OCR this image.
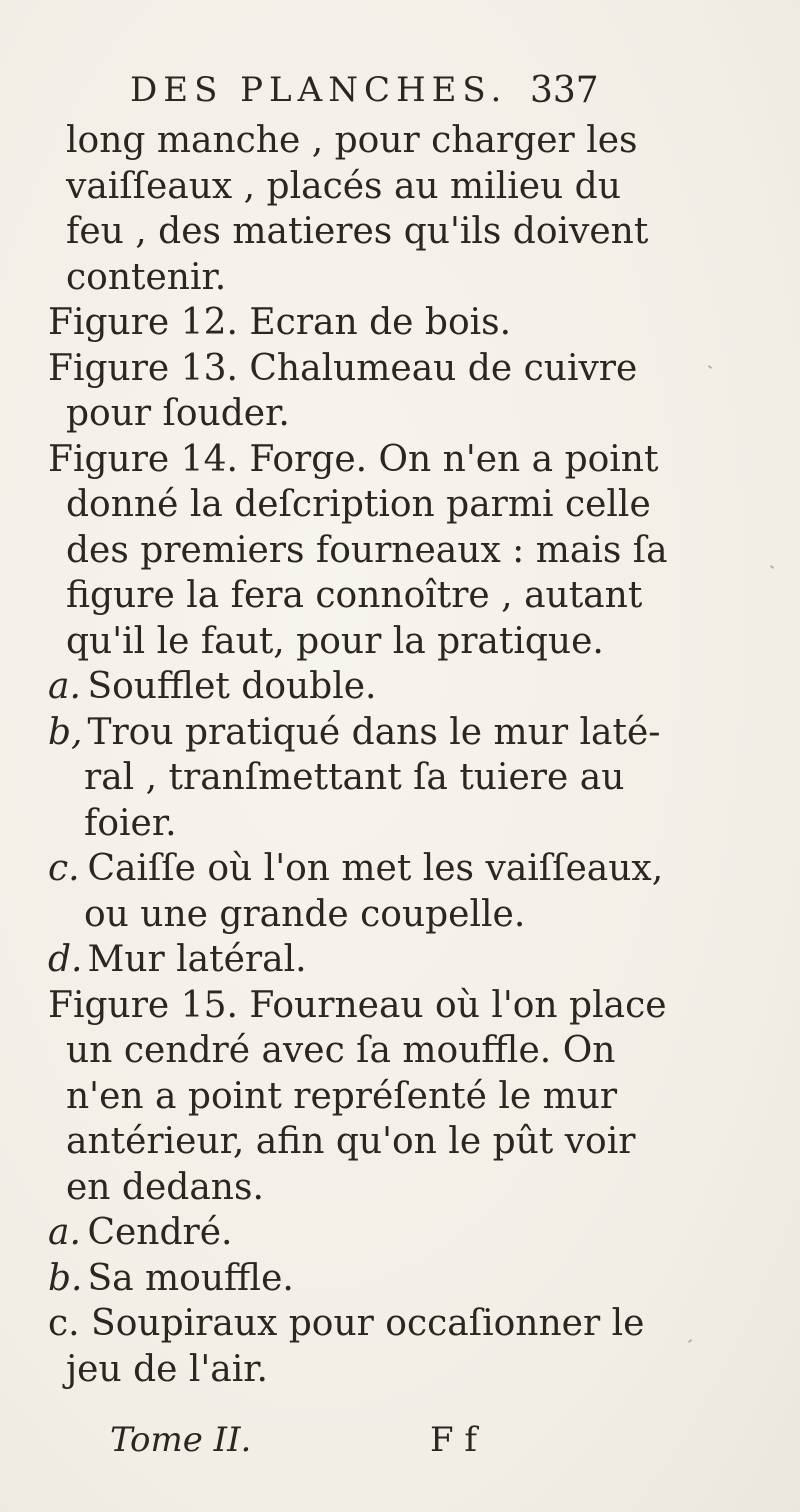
DES PLANCHES. 337
long manche , pour charger les
vaiſſeaux , placés au milieu du
feu , des matieres qu'ils doivent
contenir.
Figure 12. Ecran de bois.
Figure 13. Chalumeau de cuivre
pour ſouder.
Figure 14. Forge. On n'en a point
donné la deſcription parmi celle
des premiers fourneaux : mais ſa
figure la fera connoître , autant
qu'il le faut, pour la pratique.
a. Soufflet double.
b, Trou pratiqué dans le mur laté-
ral , tranſmettant ſa tuiere au
foier.
c. Caiſſe où l'on met les vaiſſeaux,
ou une grande coupelle.
d. Mur latéral.
Figure 15. Fourneau où l'on place
un cendré avec ſa mouffle. On
n'en a point repréſenté le mur
antérieur, afin qu'on le pût voir
en dedans.
a. Cendré.
b. Sa mouffle.
c. Soupiraux pour occaſionner le
jeu de l'air.
Tome II.	F f
